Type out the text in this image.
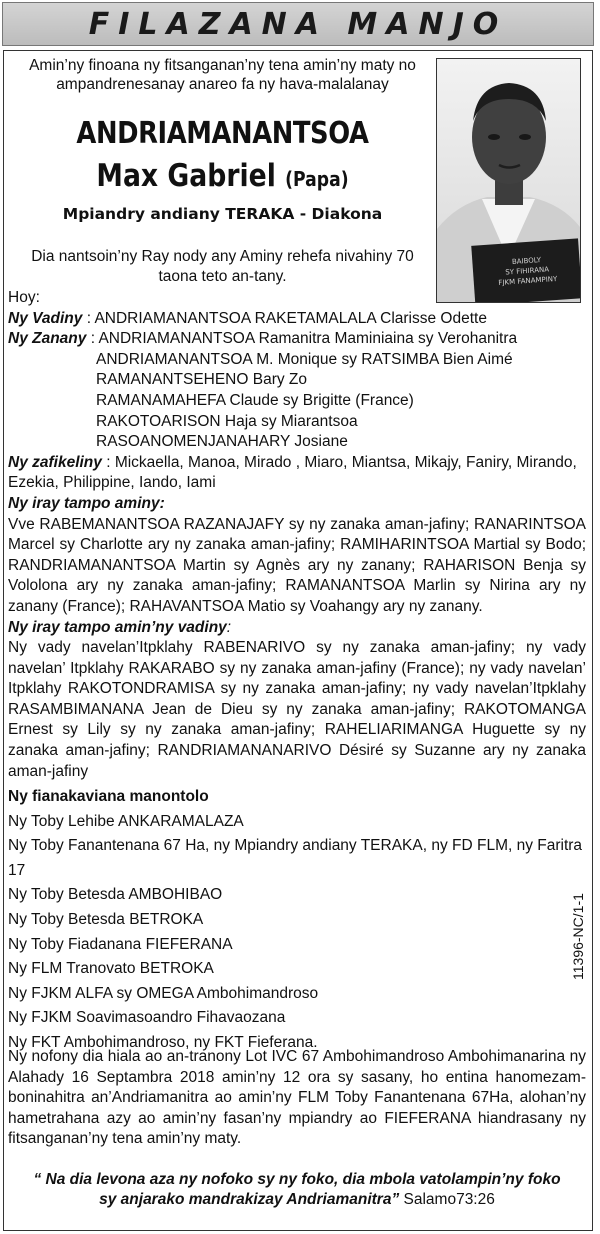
FILAZANA MANJO
Amin’ny finoana ny fitsanganan’ny tena amin’ny maty no ampandrenesanay anareo fa ny hava-malalanay
ANDRIAMANANTSOA
Max Gabriel (Papa)
Mpiandry andiany TERAKA - Diakona
Dia nantsoin’ny Ray nody any Aminy rehefa nivahiny 70 taona teto an-tany.
BAIBOLY
SY FIHIRANA
FJKM FANAMPINY
Hoy:
Ny Vadiny : ANDRIAMANANTSOA RAKETAMALALA Clarisse Odette
Ny Zanany : ANDRIAMANANTSOA Ramanitra Maminiaina sy Verohanitra
ANDRIAMANANTSOA M. Monique sy RATSIMBA Bien Aimé
RAMANANTSEHENO Bary Zo
RAMANAMAHEFA Claude sy Brigitte (France)
RAKOTOARISON Haja sy Miarantsoa
RASOANOMENJANAHARY Josiane
Ny zafikeliny : Mickaella, Manoa, Mirado , Miaro, Miantsa, Mikajy, Faniry, Mirando, Ezekia, Philippine, Iando, Iami
Ny iray tampo aminy:
Vve RABEMANANTSOA RAZANAJAFY sy ny zanaka aman-jafiny; RANARINTSOA Marcel sy Charlotte ary ny zanaka aman-jafiny; RAMIHARINTSOA Martial sy Bodo; RANDRIAMANANTSOA Martin sy Agnès ary ny zanany; RAHARISON Benja sy Vololona ary ny zanaka aman-jafiny; RAMANANTSOA Marlin sy Nirina ary ny zanany (France); RAHAVANTSOA Matio sy Voahangy ary ny zanany.
Ny iray tampo amin’ny vadiny:
Ny vady navelan’Itpklahy RABENARIVO sy ny zanaka aman-jafiny; ny vady navelan’ Itpklahy RAKARABO sy ny zanaka aman-jafiny (France); ny vady navelan’ Itpklahy RAKOTONDRAMISA sy ny zanaka aman-jafiny; ny vady navelan’Itpklahy RASAMBIMANANA Jean de Dieu sy ny zanaka aman-jafiny; RAKOTOMANGA Ernest sy Lily sy ny zanaka aman-jafiny; RAHELIARIMANGA Huguette sy ny zanaka aman-jafiny; RANDRIAMANANARIVO Désiré sy Suzanne ary ny zanaka aman-jafiny
Ny fianakaviana manontolo
Ny Toby Lehibe ANKARAMALAZA
Ny Toby Fanantenana 67 Ha, ny Mpiandry andiany TERAKA, ny FD FLM, ny Faritra 17
Ny Toby Betesda AMBOHIBAO
Ny Toby Betesda BETROKA
Ny Toby Fiadanana FIEFERANA
Ny FLM Tranovato BETROKA
Ny FJKM ALFA sy OMEGA Ambohimandroso
Ny FJKM Soavimasoandro Fihavaozana
Ny FKT Ambohimandroso, ny FKT Fieferana.
11396-NC/1-1
Ny nofony dia hiala ao an-tranony Lot IVC 67 Ambohimandroso Ambohimanarina ny Alahady 16 Septambra 2018 amin’ny 12 ora sy sasany, ho entina hanomezam-boninahitra an’Andriamanitra ao amin’ny FLM Toby Fanantenana 67Ha, alohan’ny hametrahana azy ao amin’ny fasan’ny mpiandry ao FIEFERANA hiandrasany ny fitsanganan’ny tena amin’ny maty.
“ Na dia levona aza ny nofoko sy ny foko, dia mbola vatolampin’ny foko
sy anjarako mandrakizay Andriamanitra” Salamo73:26
